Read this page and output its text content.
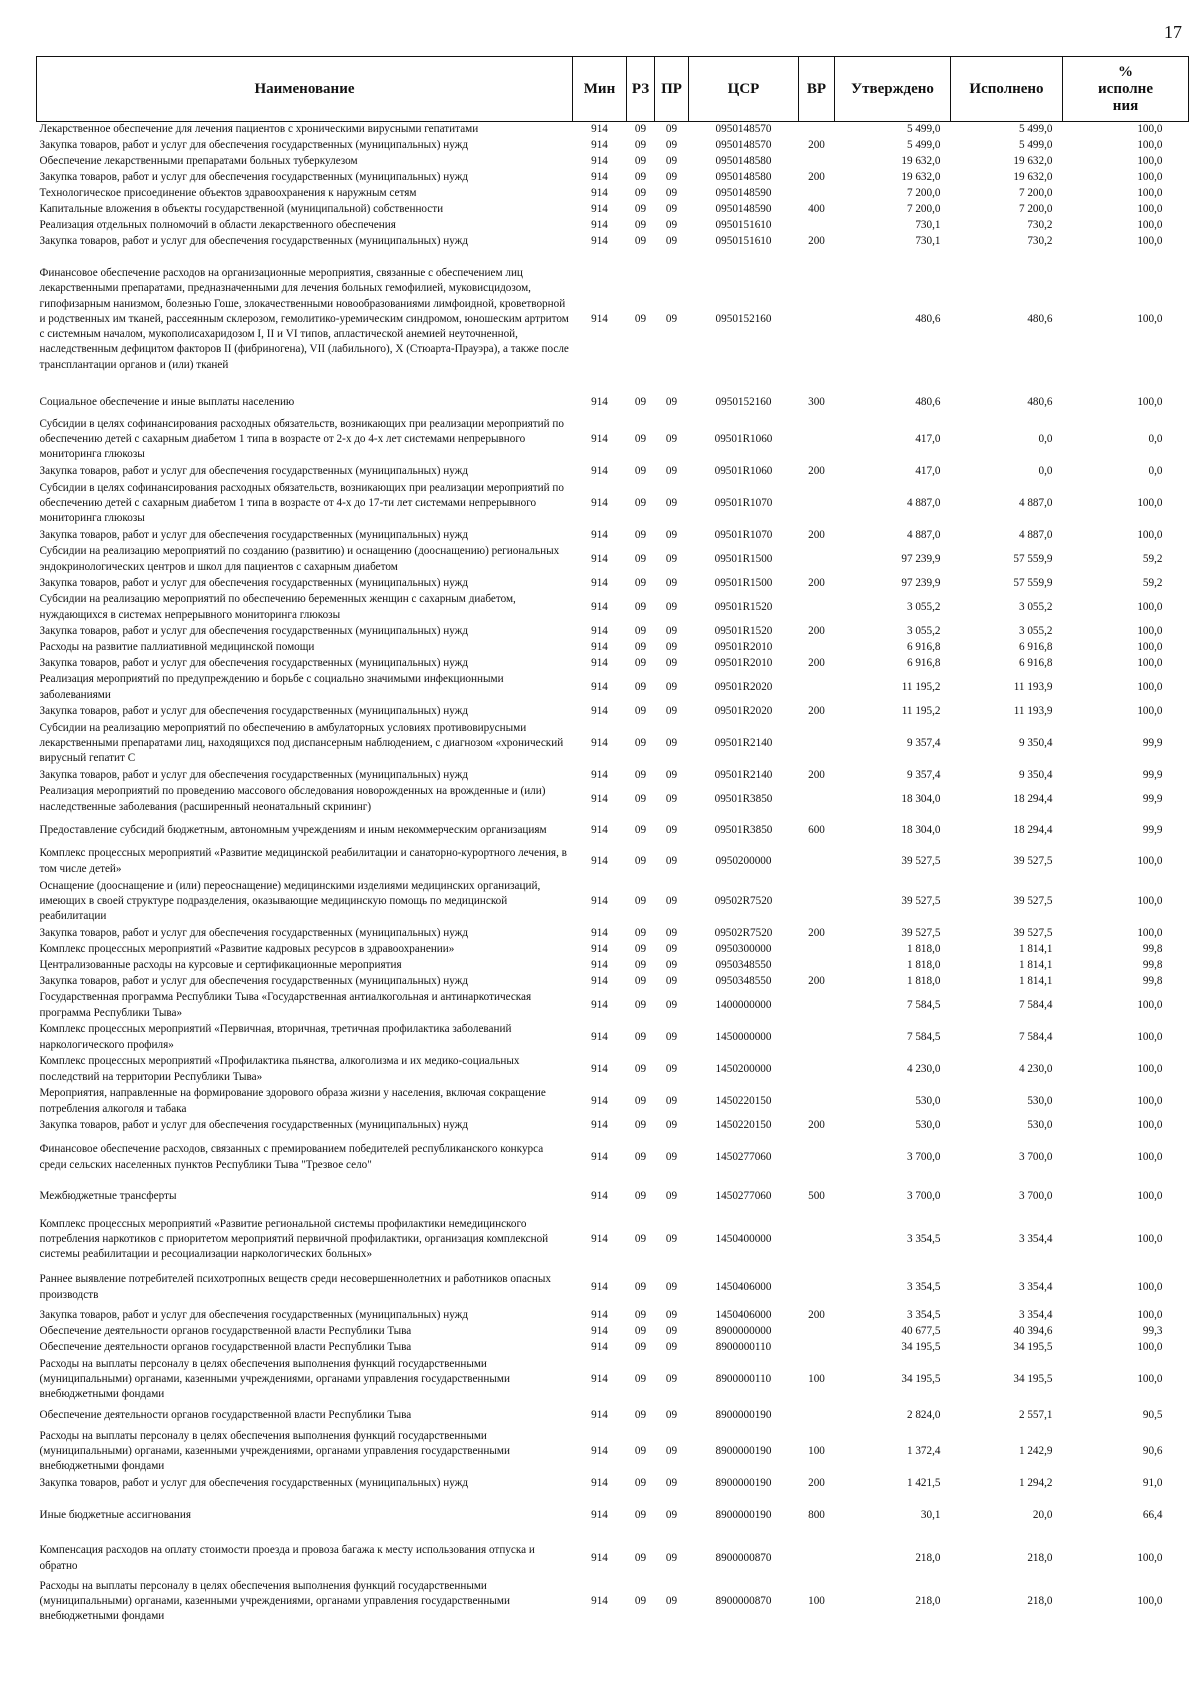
17
Наименование	Мин	РЗ	ПР	ЦСР	ВР	Утверждено	Исполнено	%
исполне
ния

Лекарственное обеспечение для лечения пациентов с хроническими вирусными гепатитами	914	09	09	0950148570		5 499,0	5 499,0	100,0
Закупка товаров, работ и услуг для обеспечения государственных (муниципальных) нужд	914	09	09	0950148570	200	5 499,0	5 499,0	100,0
Обеспечение лекарственными препаратами больных туберкулезом	914	09	09	0950148580		19 632,0	19 632,0	100,0
Закупка товаров, работ и услуг для обеспечения государственных (муниципальных) нужд	914	09	09	0950148580	200	19 632,0	19 632,0	100,0
Технологическое присоединение объектов здравоохранения к наружным сетям	914	09	09	0950148590		7 200,0	7 200,0	100,0
Капитальные вложения в объекты государственной (муниципальной) собственности	914	09	09	0950148590	400	7 200,0	7 200,0	100,0
Реализация отдельных полномочий в области лекарственного обеспечения	914	09	09	0950151610		730,1	730,2	100,0
Закупка товаров, работ и услуг для обеспечения государственных (муниципальных) нужд	914	09	09	0950151610	200	730,1	730,2	100,0
Финансовое обеспечение расходов на организационные мероприятия, связанные с обеспечением лиц лекарственными препаратами, предназначенными для лечения больных гемофилией, муковисцидозом, гипофизарным нанизмом, болезнью Гоше, злокачественными новообразованиями лимфоидной, кроветворной и родственных им тканей, рассеянным склерозом, гемолитико-уремическим синдромом, юношеским артритом с системным началом, мукополисахаридозом I, II и VI типов, апластической анемией неуточненной, наследственным дефицитом факторов II (фибриногена), VII (лабильного), X (Стюарта-Прауэра), а также после трансплантации органов и (или) тканей	914	09	09	0950152160		480,6	480,6	100,0
Социальное обеспечение и иные выплаты населению	914	09	09	0950152160	300	480,6	480,6	100,0
Субсидии в целях софинансирования расходных обязательств, возникающих при реализации мероприятий по обеспечению детей с сахарным диабетом 1 типа в возрасте от 2-х до 4-х лет системами непрерывного мониторинга глюкозы	914	09	09	09501R1060		417,0	0,0	0,0
Закупка товаров, работ и услуг для обеспечения государственных (муниципальных) нужд	914	09	09	09501R1060	200	417,0	0,0	0,0
Субсидии в целях софинансирования расходных обязательств, возникающих при реализации мероприятий по обеспечению детей с сахарным диабетом 1 типа в возрасте от 4-х до 17-ти лет системами непрерывного мониторинга глюкозы	914	09	09	09501R1070		4 887,0	4 887,0	100,0
Закупка товаров, работ и услуг для обеспечения государственных (муниципальных) нужд	914	09	09	09501R1070	200	4 887,0	4 887,0	100,0
Субсидии на реализацию мероприятий по созданию (развитию) и оснащению (дооснащению) региональных эндокринологических центров и школ для пациентов с сахарным диабетом	914	09	09	09501R1500		97 239,9	57 559,9	59,2
Закупка товаров, работ и услуг для обеспечения государственных (муниципальных) нужд	914	09	09	09501R1500	200	97 239,9	57 559,9	59,2
Субсидии на реализацию мероприятий по обеспечению беременных женщин с сахарным диабетом, нуждающихся в системах непрерывного мониторинга глюкозы	914	09	09	09501R1520		3 055,2	3 055,2	100,0
Закупка товаров, работ и услуг для обеспечения государственных (муниципальных) нужд	914	09	09	09501R1520	200	3 055,2	3 055,2	100,0
Расходы на развитие паллиативной медицинской помощи	914	09	09	09501R2010		6 916,8	6 916,8	100,0
Закупка товаров, работ и услуг для обеспечения государственных (муниципальных) нужд	914	09	09	09501R2010	200	6 916,8	6 916,8	100,0
Реализация мероприятий по предупреждению и борьбе с социально значимыми инфекционными заболеваниями	914	09	09	09501R2020		11 195,2	11 193,9	100,0
Закупка товаров, работ и услуг для обеспечения государственных (муниципальных) нужд	914	09	09	09501R2020	200	11 195,2	11 193,9	100,0
Субсидии на реализацию мероприятий по обеспечению в амбулаторных условиях противовирусными лекарственными препаратами лиц, находящихся под диспансерным наблюдением, с диагнозом «хронический вирусный гепатит С	914	09	09	09501R2140		9 357,4	9 350,4	99,9
Закупка товаров, работ и услуг для обеспечения государственных (муниципальных) нужд	914	09	09	09501R2140	200	9 357,4	9 350,4	99,9
Реализация мероприятий по проведению массового обследования новорожденных на врожденные и (или) наследственные заболевания (расширенный неонатальный скрининг)	914	09	09	09501R3850		18 304,0	18 294,4	99,9
Предоставление субсидий бюджетным, автономным учреждениям и иным некоммерческим организациям	914	09	09	09501R3850	600	18 304,0	18 294,4	99,9
Комплекс процессных мероприятий «Развитие медицинской реабилитации и санаторно-курортного лечения, в том числе детей»	914	09	09	0950200000		39 527,5	39 527,5	100,0
Оснащение (дооснащение и (или) переоснащение) медицинскими изделиями медицинских организаций, имеющих в своей структуре подразделения, оказывающие медицинскую помощь по медицинской реабилитации	914	09	09	09502R7520		39 527,5	39 527,5	100,0
Закупка товаров, работ и услуг для обеспечения государственных (муниципальных) нужд	914	09	09	09502R7520	200	39 527,5	39 527,5	100,0
Комплекс процессных мероприятий «Развитие кадровых ресурсов в здравоохранении»	914	09	09	0950300000		1 818,0	1 814,1	99,8
Централизованные расходы на курсовые и сертификационные мероприятия	914	09	09	0950348550		1 818,0	1 814,1	99,8
Закупка товаров, работ и услуг для обеспечения государственных (муниципальных) нужд	914	09	09	0950348550	200	1 818,0	1 814,1	99,8
Государственная программа Республики Тыва «Государственная антиалкогольная и антинаркотическая программа Республики Тыва»	914	09	09	1400000000		7 584,5	7 584,4	100,0
Комплекс процессных мероприятий «Первичная, вторичная, третичная профилактика заболеваний наркологического профиля»	914	09	09	1450000000		7 584,5	7 584,4	100,0
Комплекс процессных мероприятий «Профилактика пьянства, алкоголизма и их медико-социальных последствий на территории Республики Тыва»	914	09	09	1450200000		4 230,0	4 230,0	100,0
Мероприятия, направленные на формирование здорового образа жизни у населения, включая сокращение потребления алкоголя и табака	914	09	09	1450220150		530,0	530,0	100,0
Закупка товаров, работ и услуг для обеспечения государственных (муниципальных) нужд	914	09	09	1450220150	200	530,0	530,0	100,0
Финансовое обеспечение расходов, связанных с премированием победителей республиканского конкурса среди сельских населенных пунктов Республики Тыва "Трезвое село"	914	09	09	1450277060		3 700,0	3 700,0	100,0
Межбюджетные трансферты	914	09	09	1450277060	500	3 700,0	3 700,0	100,0
Комплекс процессных мероприятий «Развитие региональной системы профилактики немедицинского потребления наркотиков с приоритетом мероприятий первичной профилактики, организация комплексной системы реабилитации и ресоциализации наркологических больных»	914	09	09	1450400000		3 354,5	3 354,4	100,0
Раннее выявление потребителей психотропных веществ среди несовершеннолетних и работников опасных производств	914	09	09	1450406000		3 354,5	3 354,4	100,0
Закупка товаров, работ и услуг для обеспечения государственных (муниципальных) нужд	914	09	09	1450406000	200	3 354,5	3 354,4	100,0
Обеспечение деятельности органов государственной власти Республики Тыва	914	09	09	8900000000		40 677,5	40 394,6	99,3
Обеспечение деятельности органов государственной власти Республики Тыва	914	09	09	8900000110		34 195,5	34 195,5	100,0
Расходы на выплаты персоналу в целях обеспечения выполнения функций государственными (муниципальными) органами, казенными учреждениями, органами управления государственными внебюджетными фондами	914	09	09	8900000110	100	34 195,5	34 195,5	100,0
Обеспечение деятельности органов государственной власти Республики Тыва	914	09	09	8900000190		2 824,0	2 557,1	90,5
Расходы на выплаты персоналу в целях обеспечения выполнения функций государственными (муниципальными) органами, казенными учреждениями, органами управления государственными внебюджетными фондами	914	09	09	8900000190	100	1 372,4	1 242,9	90,6
Закупка товаров, работ и услуг для обеспечения государственных (муниципальных) нужд	914	09	09	8900000190	200	1 421,5	1 294,2	91,0
Иные бюджетные ассигнования	914	09	09	8900000190	800	30,1	20,0	66,4
Компенсация расходов на оплату стоимости проезда и провоза багажа к месту использования отпуска и обратно	914	09	09	8900000870		218,0	218,0	100,0
Расходы на выплаты персоналу в целях обеспечения выполнения функций государственными (муниципальными) органами, казенными учреждениями, органами управления государственными внебюджетными фондами	914	09	09	8900000870	100	218,0	218,0	100,0
